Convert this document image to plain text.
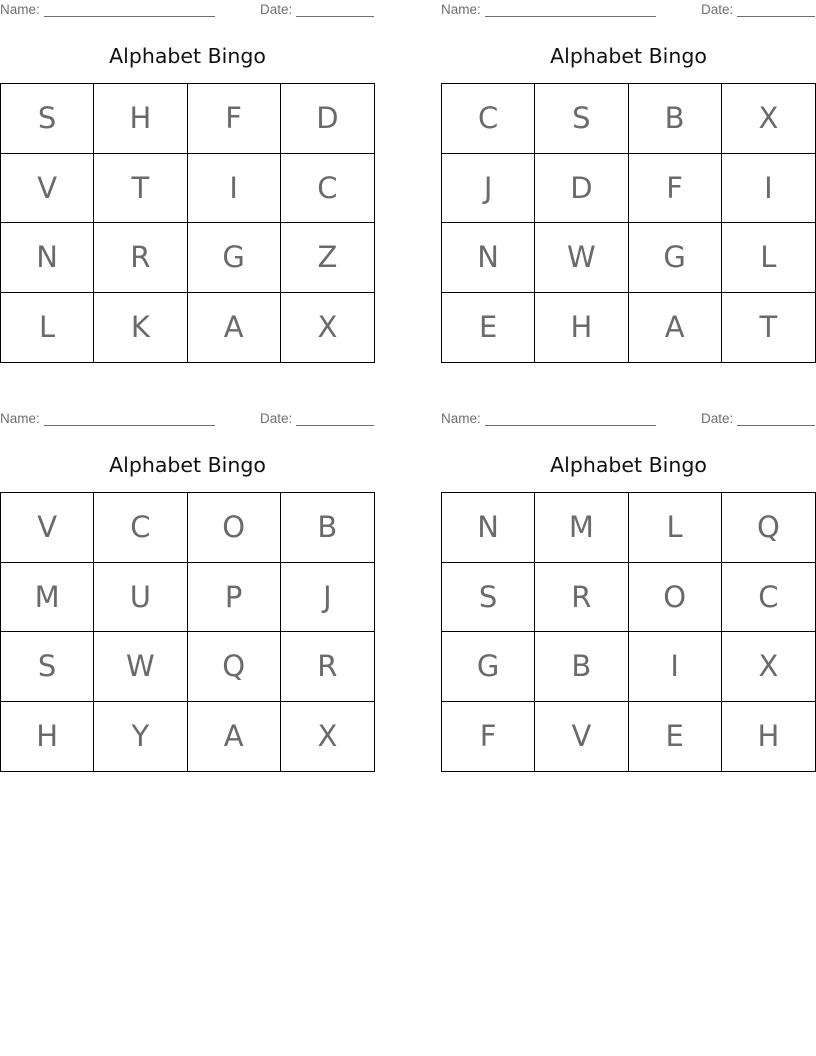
Name:	Date:
Alphabet Bingo
S	H	F	D
V	T	I	C
N	R	G	Z
L	K	A	X
Name:	Date:
Alphabet Bingo
C	S	B	X
J	D	F	I
N	W	G	L
E	H	A	T
Name:	Date:
Alphabet Bingo
V	C	O	B
M	U	P	J
S	W	Q	R
H	Y	A	X
Name:	Date:
Alphabet Bingo
N	M	L	Q
S	R	O	C
G	B	I	X
F	V	E	H
